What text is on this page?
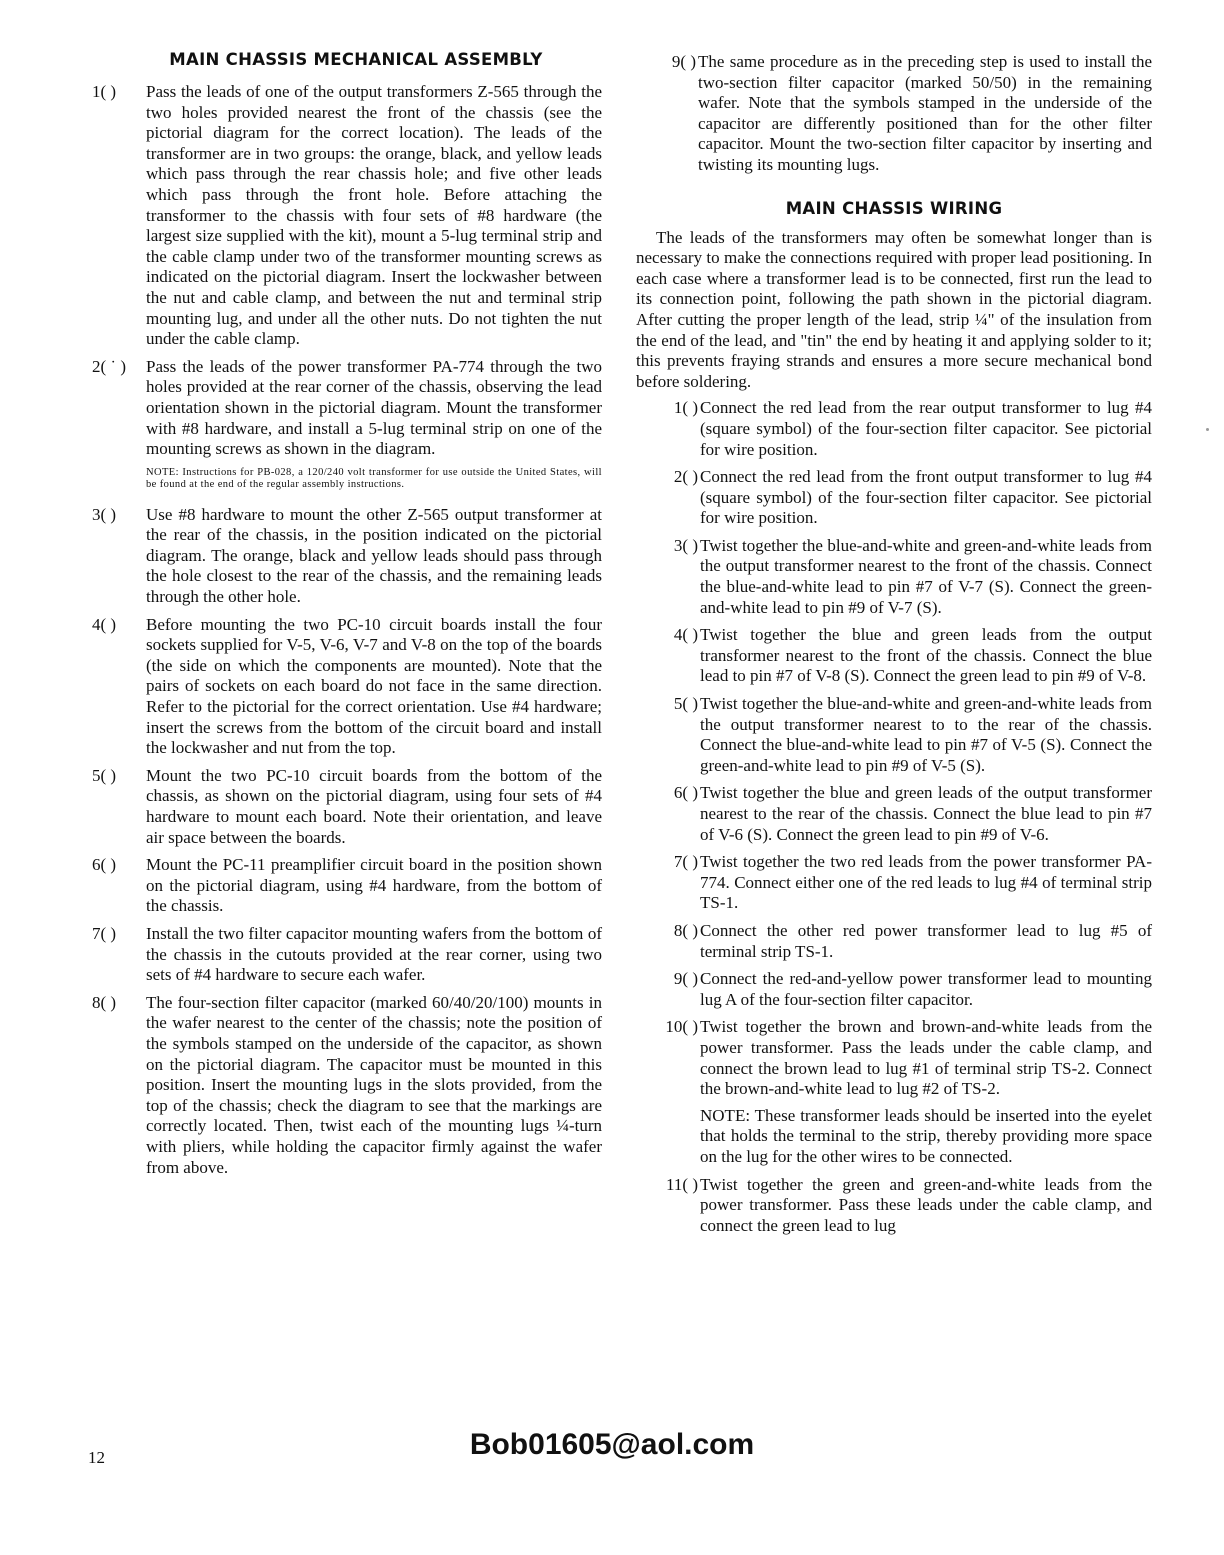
MAIN CHASSIS MECHANICAL ASSEMBLY
1( )	Pass the leads of one of the output transformers Z-565 through the two holes provided nearest the front of the chassis (see the pictorial diagram for the correct location). The leads of the transformer are in two groups: the orange, black, and yellow leads which pass through the rear chassis hole; and five other leads which pass through the front hole. Before attaching the transformer to the chassis with four sets of #8 hardware (the largest size supplied with the kit), mount a 5-lug terminal strip and the cable clamp under two of the transformer mounting screws as indicated on the pictorial diagram. Insert the lockwasher between the nut and cable clamp, and between the nut and terminal strip mounting lug, and under all the other nuts. Do not tighten the nut under the cable clamp.
2( ˙ )	Pass the leads of the power transformer PA-774 through the two holes provided at the rear corner of the chassis, observing the lead orientation shown in the pictorial diagram. Mount the transformer with #8 hardware, and install a 5-lug terminal strip on one of the mounting screws as shown in the diagram.
NOTE: Instructions for PB-028, a 120/240 volt transformer for use outside the United States, will be found at the end of the regular assembly instructions.
3( )	Use #8 hardware to mount the other Z-565 output transformer at the rear of the chassis, in the position indicated on the pictorial diagram. The orange, black and yellow leads should pass through the hole closest to the rear of the chassis, and the remaining leads through the other hole.
4( )	Before mounting the two PC-10 circuit boards install the four sockets supplied for V-5, V-6, V-7 and V-8 on the top of the boards (the side on which the components are mounted). Note that the pairs of sockets on each board do not face in the same direction. Refer to the pictorial for the correct orientation. Use #4 hardware; insert the screws from the bottom of the circuit board and install the lockwasher and nut from the top.
5( )	Mount the two PC-10 circuit boards from the bottom of the chassis, as shown on the pictorial diagram, using four sets of #4 hardware to mount each board. Note their orientation, and leave air space between the boards.
6( )	Mount the PC-11 preamplifier circuit board in the position shown on the pictorial diagram, using #4 hardware, from the bottom of the chassis.
7( )	Install the two filter capacitor mounting wafers from the bottom of the chassis in the cutouts provided at the rear corner, using two sets of #4 hardware to secure each wafer.
8( )	The four-section filter capacitor (marked 60/40/20/100) mounts in the wafer nearest to the center of the chassis; note the position of the symbols stamped on the underside of the capacitor, as shown on the pictorial diagram. The capacitor must be mounted in this position. Insert the mounting lugs in the slots provided, from the top of the chassis; check the diagram to see that the markings are correctly located. Then, twist each of the mounting lugs ¼-turn with pliers, while holding the capacitor firmly against the wafer from above.
9( ) The same procedure as in the preceding step is used to install the two-section filter capacitor (marked 50/50) in the remaining wafer. Note that the symbols stamped in the underside of the capacitor are differently positioned than for the other filter capacitor. Mount the two-section filter capacitor by inserting and twisting its mounting lugs.
MAIN CHASSIS WIRING

The leads of the transformers may often be somewhat longer than is necessary to make the connections required with proper lead positioning. In each case where a transformer lead is to be connected, first run the lead to its connection point, following the path shown in the pictorial diagram. After cutting the proper length of the lead, strip ¼" of the insulation from the end of the lead, and "tin" the end by heating it and applying solder to it; this prevents fraying strands and ensures a more secure mechanical bond before soldering.

1( ) Connect the red lead from the rear output transformer to lug #4 (square symbol) of the four-section filter capacitor. See pictorial for wire position.
2( ) Connect the red lead from the front output transformer to lug #4 (square symbol) of the four-section filter capacitor. See pictorial for wire position.
3( ) Twist together the blue-and-white and green-and-white leads from the output transformer nearest to the front of the chassis. Connect the blue-and-white lead to pin #7 of V-7 (S). Connect the green-and-white lead to pin #9 of V-7 (S).
4( ) Twist together the blue and green leads from the output transformer nearest to the front of the chassis. Connect the blue lead to pin #7 of V-8 (S). Connect the green lead to pin #9 of V-8.
5( ) Twist together the blue-and-white and green-and-white leads from the output transformer nearest to to the rear of the chassis. Connect the blue-and-white lead to pin #7 of V-5 (S). Connect the green-and-white lead to pin #9 of V-5 (S).
6( ) Twist together the blue and green leads of the output transformer nearest to the rear of the chassis. Connect the blue lead to pin #7 of V-6 (S). Connect the green lead to pin #9 of V-6.
7( ) Twist together the two red leads from the power transformer PA-774. Connect either one of the red leads to lug #4 of terminal strip TS-1.
8( ) Connect the other red power transformer lead to lug #5 of terminal strip TS-1.
9( ) Connect the red-and-yellow power transformer lead to mounting lug A of the four-section filter capacitor.
10( ) Twist together the brown and brown-and-white leads from the power transformer. Pass the leads under the cable clamp, and connect the brown lead to lug #1 of terminal strip TS-2. Connect the brown-and-white lead to lug #2 of TS-2.
NOTE: These transformer leads should be inserted into the eyelet that holds the terminal to the strip, thereby providing more space on the lug for the other wires to be connected.
11( ) Twist together the green and green-and-white leads from the power transformer. Pass these leads under the cable clamp, and connect the green lead to lug
12	Bob01605@aol.com
